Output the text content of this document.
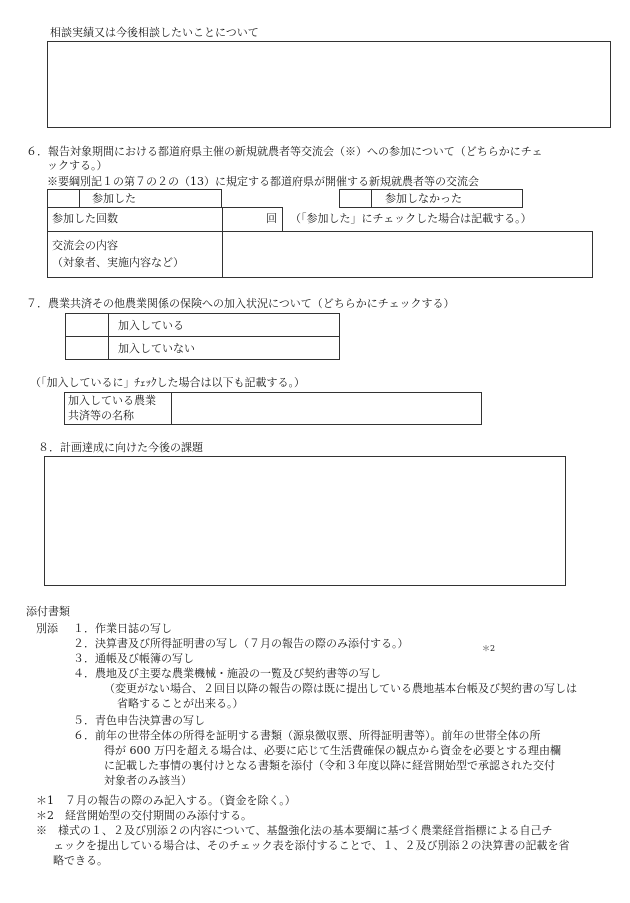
相談実績又は今後相談したいことについて
６．報告対象期間における都道府県主催の新規就農者等交流会（※）への参加について（どちらかにチェ
ックする。）
※要綱別記１の第７の２の（13）に規定する都道府県が開催する新規就農者等の交流会
参加した	参加しなかった
参加した回数	回 （「参加した」にチェックした場合は記載する。）
交流会の内容
（対象者、実施内容など）
７．農業共済その他農業関係の保険への加入状況について（どちらかにチェックする）
加入している
加入していない
（「加入しているに」ﾁｪｯｸした場合は以下も記載する。）
加入している農業
共済等の名称
８．計画達成に向けた今後の課題
添付書類
別添 １．作業日誌の写し
２．決算書及び所得証明書の写し（７月の報告の際のみ添付する。）	＊2
３．通帳及び帳簿の写し
４．農地及び主要な農業機械・施設の一覧及び契約書等の写し
（変更がない場合、２回目以降の報告の際は既に提出している農地基本台帳及び契約書の写しは
省略することが出来る。）
５．青色申告決算書の写し
６．前年の世帯全体の所得を証明する書類（源泉徴収票、所得証明書等）。前年の世帯全体の所
得が 600 万円を超える場合は、必要に応じて生活費確保の観点から資金を必要とする理由欄
に記載した事情の裏付けとなる書類を添付（令和３年度以降に経営開始型で承認された交付
対象者のみ該当）
＊1　７月の報告の際のみ記入する。（資金を除く。）
＊2　経営開始型の交付期間のみ添付する。
※　様式の１、２及び別添２の内容について、基盤強化法の基本要綱に基づく農業経営指標による自己チ
ェックを提出している場合は、そのチェック表を添付することで、１、２及び別添２の決算書の記載を省
略できる。
